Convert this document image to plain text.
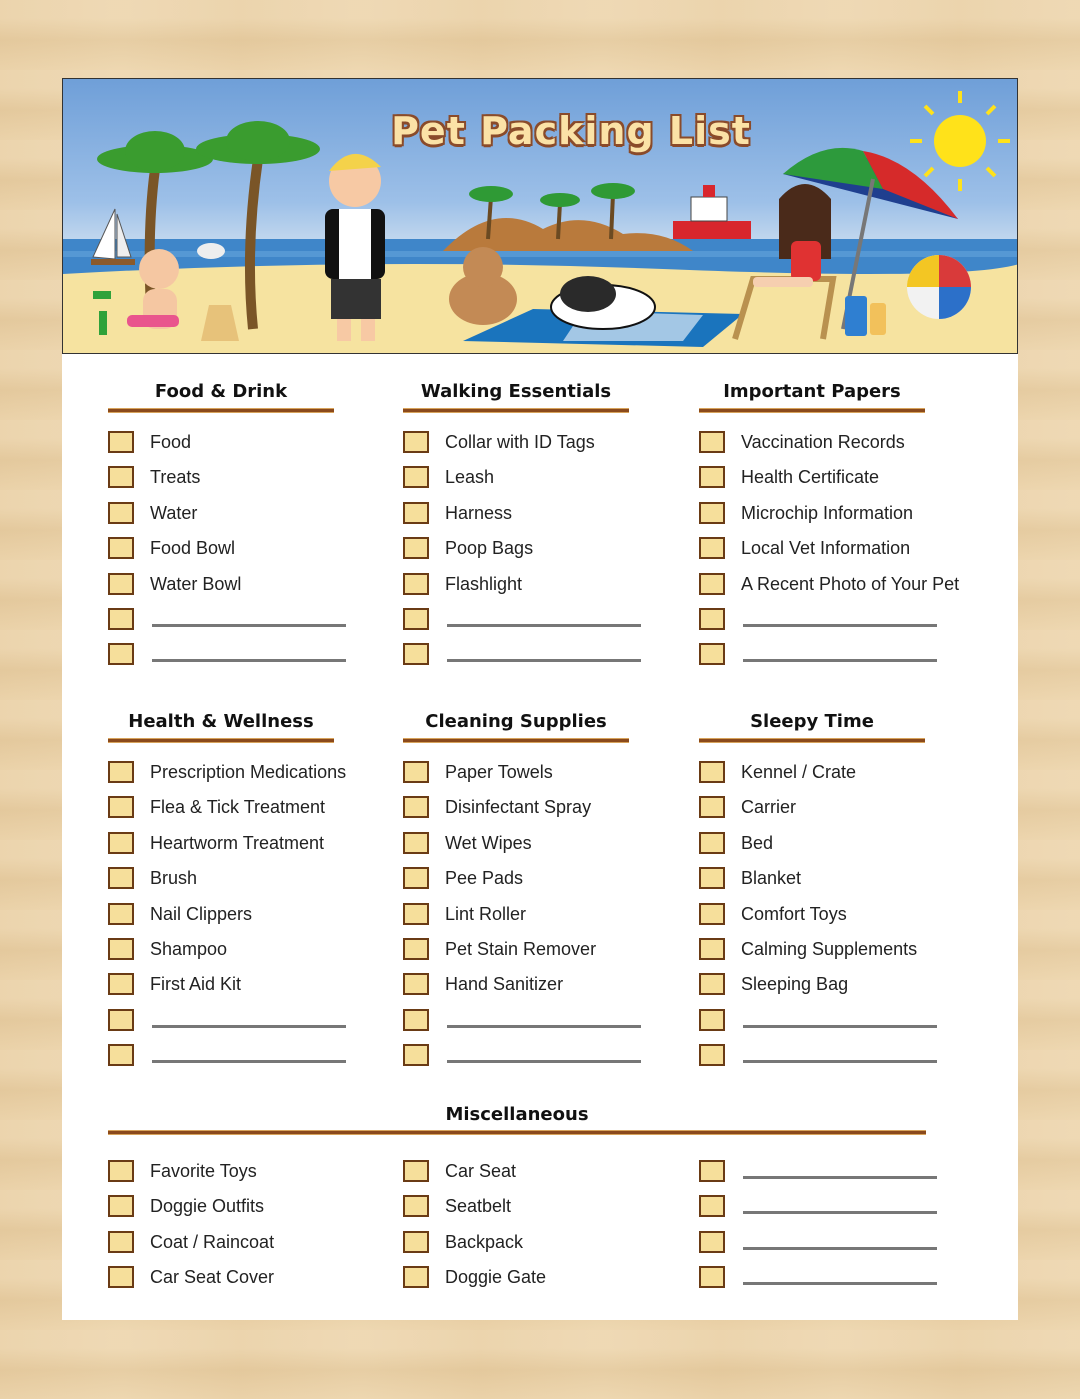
Pet Packing List
Food & Drink
Food
Treats
Water
Food Bowl
Water Bowl
Walking Essentials
Collar with ID Tags
Leash
Harness
Poop Bags
Flashlight
Important Papers
Vaccination Records
Health Certificate
Microchip Information
Local Vet Information
A Recent Photo of Your Pet
Health & Wellness
Prescription Medications
Flea & Tick Treatment
Heartworm Treatment
Brush
Nail Clippers
Shampoo
First Aid Kit
Cleaning Supplies
Paper Towels
Disinfectant Spray
Wet Wipes
Pee Pads
Lint Roller
Pet Stain Remover
Hand Sanitizer
Sleepy Time
Kennel / Crate
Carrier
Bed
Blanket
Comfort Toys
Calming Supplements
Sleeping Bag
Miscellaneous
Favorite Toys
Doggie Outfits
Coat / Raincoat
Car Seat Cover
Car Seat
Seatbelt
Backpack
Doggie Gate
